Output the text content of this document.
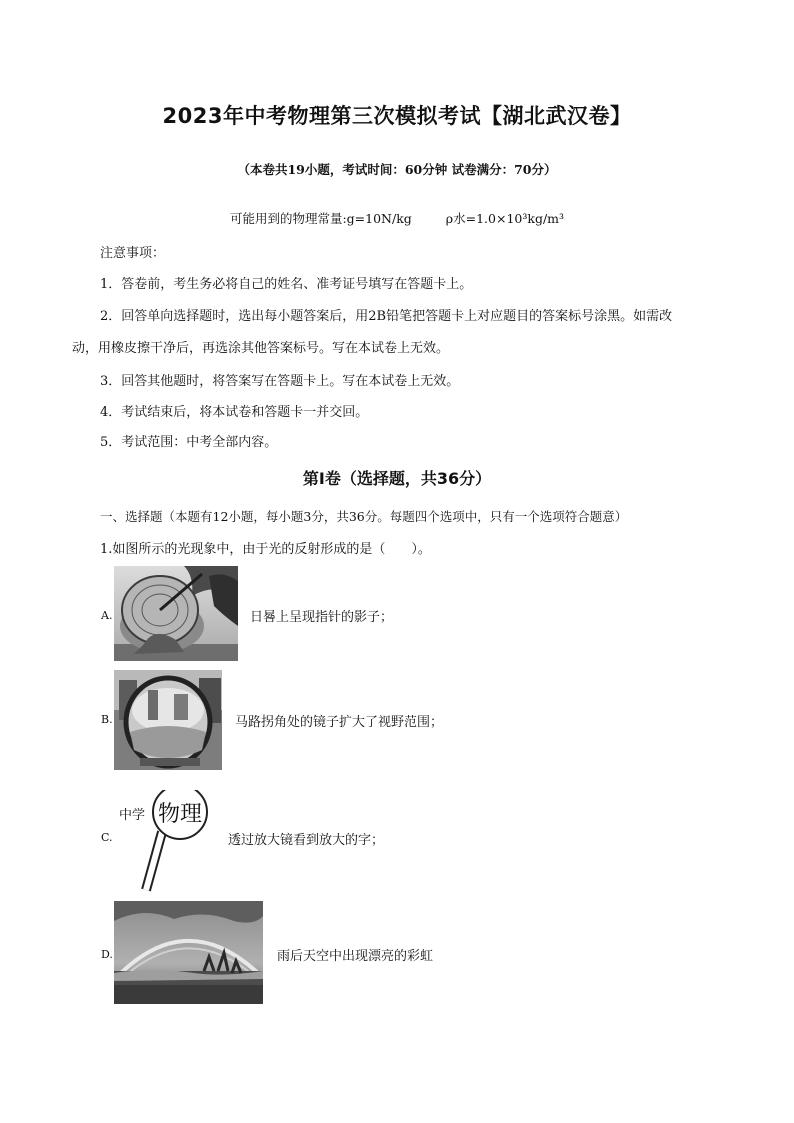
2023年中考物理第三次模拟考试【湖北武汉卷】
（本卷共19小题，考试时间：60分钟 试卷满分：70分）
可能用到的物理常量:g=10N/kg	ρ水=1.0×10³kg/m³
注意事项：
1．答卷前，考生务必将自己的姓名、准考证号填写在答题卡上。
2．回答单向选择题时，选出每小题答案后，用2B铅笔把答题卡上对应题目的答案标号涂黑。如需改
动，用橡皮擦干净后，再选涂其他答案标号。写在本试卷上无效。
3．回答其他题时，将答案写在答题卡上。写在本试卷上无效。
4．考试结束后，将本试卷和答题卡一并交回。
5．考试范围：中考全部内容。
第Ⅰ卷（选择题，共36分）
一、选择题（本题有12小题，每小题3分，共36分。每题四个选项中，只有一个选项符合题意）
1.如图所示的光现象中，由于光的反射形成的是（　　）。
A.	日晷上呈现指针的影子；
B.	马路拐角处的镜子扩大了视野范围；
C.
中学 物理
透过放大镜看到放大的字；
D.	雨后天空中出现漂亮的彩虹
